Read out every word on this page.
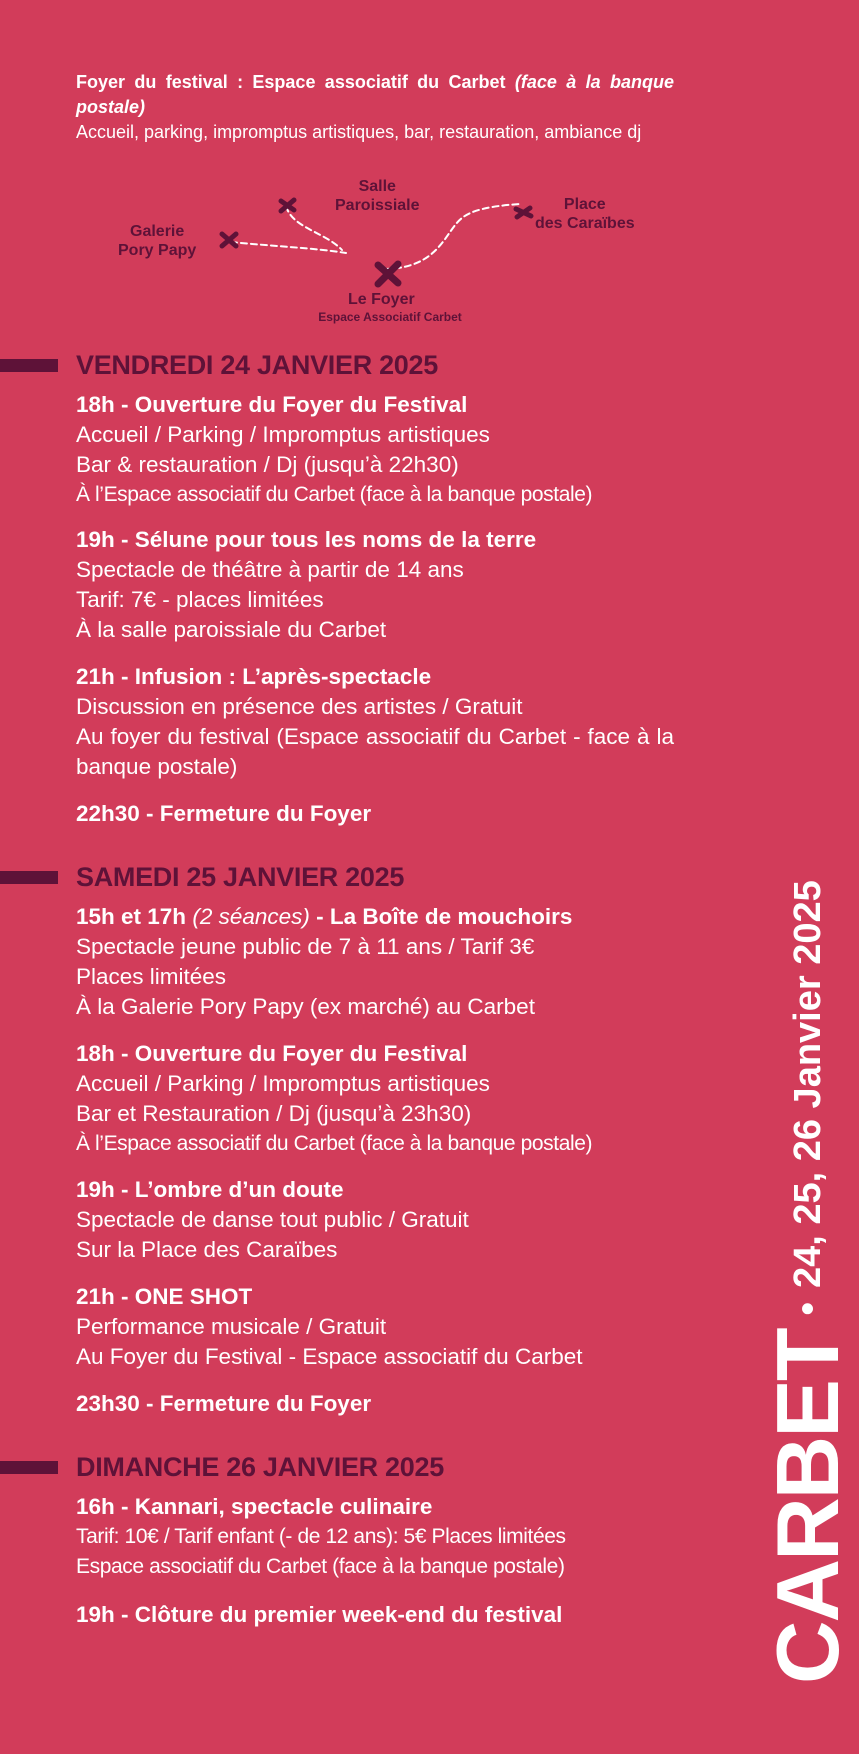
Foyer du festival : Espace associatif du Carbet (face à la banque postale)
Accueil, parking, impromptus artistiques, bar, restauration, ambiance dj
Salle
Paroissiale
Galerie
Pory Papy
Place
des Caraïbes
Le Foyer
Espace Associatif Carbet
VENDREDI 24 JANVIER 2025
18h - Ouverture du Foyer du Festival
Accueil / Parking / Impromptus artistiques
Bar & restauration / Dj (jusqu’à 22h30)
À l’Espace associatif du Carbet (face à la banque postale)
19h - Sélune pour tous les noms de la terre
Spectacle de théâtre à partir de 14 ans
Tarif: 7€ - places limitées
À la salle paroissiale du Carbet
21h - Infusion : L’après-spectacle
Discussion en présence des artistes / Gratuit
Au foyer du festival (Espace associatif du Carbet - face à la banque postale)
22h30 - Fermeture du Foyer
SAMEDI 25 JANVIER 2025
15h et 17h (2 séances) - La Boîte de mouchoirs
Spectacle jeune public de 7 à 11 ans / Tarif 3€
Places limitées
À la Galerie Pory Papy (ex marché) au Carbet
18h - Ouverture du Foyer du Festival
Accueil / Parking / Impromptus artistiques
Bar et Restauration / Dj (jusqu’à 23h30)
À l’Espace associatif du Carbet (face à la banque postale)
19h - L’ombre d’un doute
Spectacle de danse tout public / Gratuit
Sur la Place des Caraïbes
21h - ONE SHOT
Performance musicale / Gratuit
Au Foyer du Festival - Espace associatif du Carbet
23h30 - Fermeture du Foyer
DIMANCHE 26 JANVIER 2025
16h - Kannari, spectacle culinaire
Tarif: 10€ / Tarif enfant (- de 12 ans): 5€ Places limitées
Espace associatif du Carbet (face à la banque postale)
19h - Clôture du premier week-end du festival	CARBET•24, 25, 26 Janvier 2025
